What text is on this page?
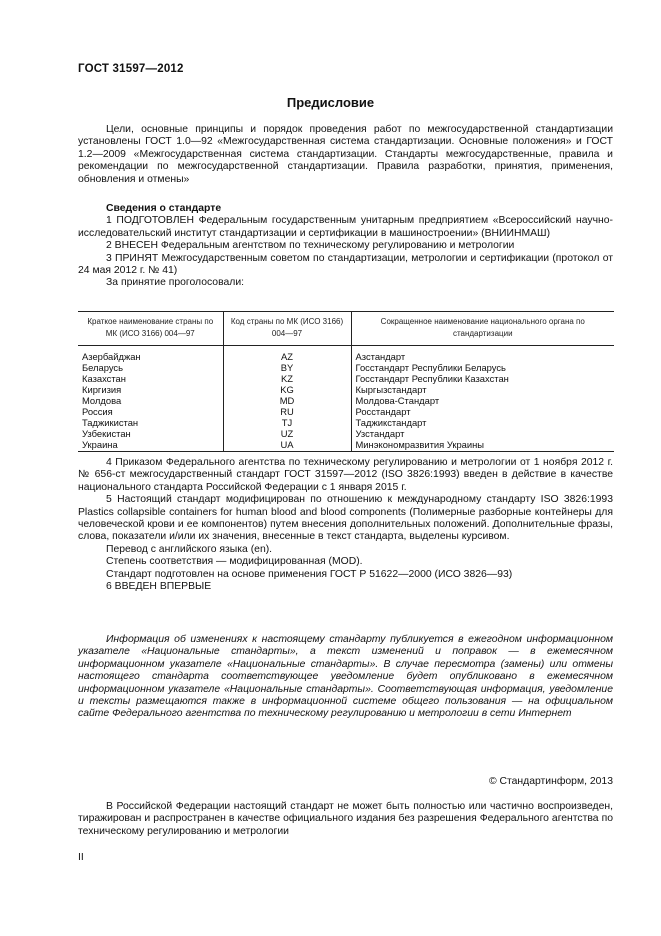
ГОСТ 31597—2012
Предисловие

Цели, основные принципы и порядок проведения работ по межгосударственной стандартизации установлены ГОСТ 1.0—92 «Межгосударственная система стандартизации. Основные положения» и ГОСТ 1.2—2009 «Межгосударственная система стандартизации. Стандарты межгосударственные, правила и рекомендации по межгосударственной стандартизации. Правила разработки, принятия, применения, обновления и отмены»

Сведения о стандарте

1 ПОДГОТОВЛЕН Федеральным государственным унитарным предприятием «Всероссийский научно-исследовательский институт стандартизации и сертификации в машиностроении» (ВНИИНМАШ)

2 ВНЕСЕН Федеральным агентством по техническому регулированию и метрологии

3 ПРИНЯТ Межгосударственным советом по стандартизации, метрологии и сертификации (протокол от 24 мая 2012 г. № 41)

За принятие проголосовали:

Краткое наименование страны по МК (ИСО 3166) 004—97	Код страны по МК (ИСО 3166) 004—97	Сокращенное наименование национального органа по стандартизации
Азербайджан	AZ	Азстандарт
Беларусь	BY	Госстандарт Республики Беларусь
Казахстан	KZ	Госстандарт Республики Казахстан
Киргизия	KG	Кыргызстандарт
Молдова	MD	Молдова-Стандарт
Россия	RU	Росстандарт
Таджикистан	TJ	Таджикстандарт
Узбекистан	UZ	Узстандарт
Украина	UA	Минэкономразвития Украины

4 Приказом Федерального агентства по техническому регулированию и метрологии от 1 ноября 2012 г. № 656-ст межгосударственный стандарт ГОСТ 31597—2012 (ISO 3826:1993) введен в действие в качестве национального стандарта Российской Федерации с 1 января 2015 г.

5 Настоящий стандарт модифицирован по отношению к международному стандарту ISO 3826:1993 Plastics collapsible containers for human blood and blood components (Полимерные разборные контейнеры для человеческой крови и ее компонентов) путем внесения дополнительных положений. Дополнительные фразы, слова, показатели и/или их значения, внесенные в текст стандарта, выделены курсивом.

Перевод с английского языка (en).

Степень соответствия — модифицированная (MOD).

Стандарт подготовлен на основе применения ГОСТ Р 51622—2000 (ИСО 3826—93)

6 ВВЕДЕН ВПЕРВЫЕ

Информация об изменениях к настоящему стандарту публикуется в ежегодном информационном указателе «Национальные стандарты», а текст изменений и поправок — в ежемесячном информационном указателе «Национальные стандарты». В случае пересмотра (замены) или отмены настоящего стандарта соответствующее уведомление будет опубликовано в ежемесячном информационном указателе «Национальные стандарты». Соответствующая информация, уведомление и тексты размещаются также в информационной системе общего пользования — на официальном сайте Федерального агентства по техническому регулированию и метрологии в сети Интернет

© Стандартинформ, 2013

В Российской Федерации настоящий стандарт не может быть полностью или частично воспроизведен, тиражирован и распространен в качестве официального издания без разрешения Федерального агентства по техническому регулированию и метрологии

II
